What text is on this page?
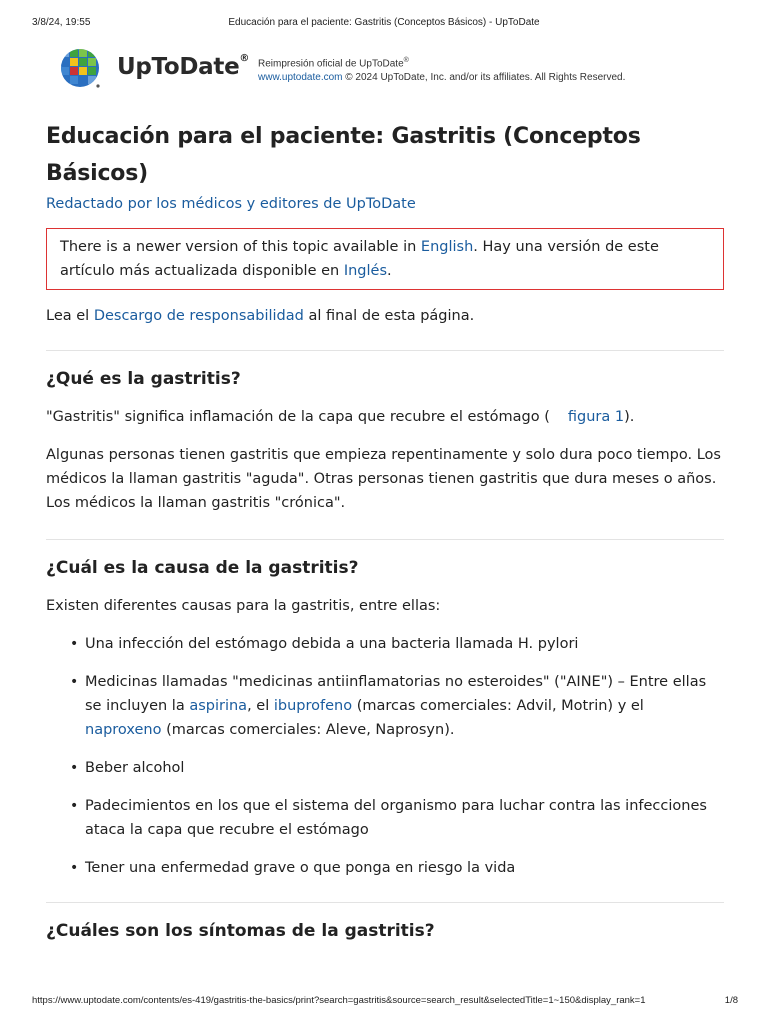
3/8/24, 19:55	Educación para el paciente: Gastritis (Conceptos Básicos) - UpToDate
UpToDate® Reimpresión oficial de UpToDate®
www.uptodate.com © 2024 UpToDate, Inc. and/or its affiliates. All Rights Reserved.
Educación para el paciente: Gastritis (Conceptos Básicos)
Redactado por los médicos y editores de UpToDate
There is a newer version of this topic available in English. Hay una versión de este artículo más actualizada disponible en Inglés.

Lea el Descargo de responsabilidad al final de esta página.

¿Qué es la gastritis?

"Gastritis" significa inflamación de la capa que recubre el estómago ( figura 1).

Algunas personas tienen gastritis que empieza repentinamente y solo dura poco tiempo. Los médicos la llaman gastritis "aguda". Otras personas tienen gastritis que dura meses o años. Los médicos la llaman gastritis "crónica".

¿Cuál es la causa de la gastritis?

Existen diferentes causas para la gastritis, entre ellas:

• Una infección del estómago debida a una bacteria llamada H. pylori
• Medicinas llamadas "medicinas antiinflamatorias no esteroides" ("AINE") – Entre ellas se incluyen la aspirina, el ibuprofeno (marcas comerciales: Advil, Motrin) y el naproxeno (marcas comerciales: Aleve, Naprosyn).
• Beber alcohol
• Padecimientos en los que el sistema del organismo para luchar contra las infecciones ataca la capa que recubre el estómago
• Tener una enfermedad grave o que ponga en riesgo la vida
¿Cuáles son los síntomas de la gastritis?
https://www.uptodate.com/contents/es-419/gastritis-the-basics/print?search=gastritis&source=search_result&selectedTitle=1~150&display_rank=1	1/8
